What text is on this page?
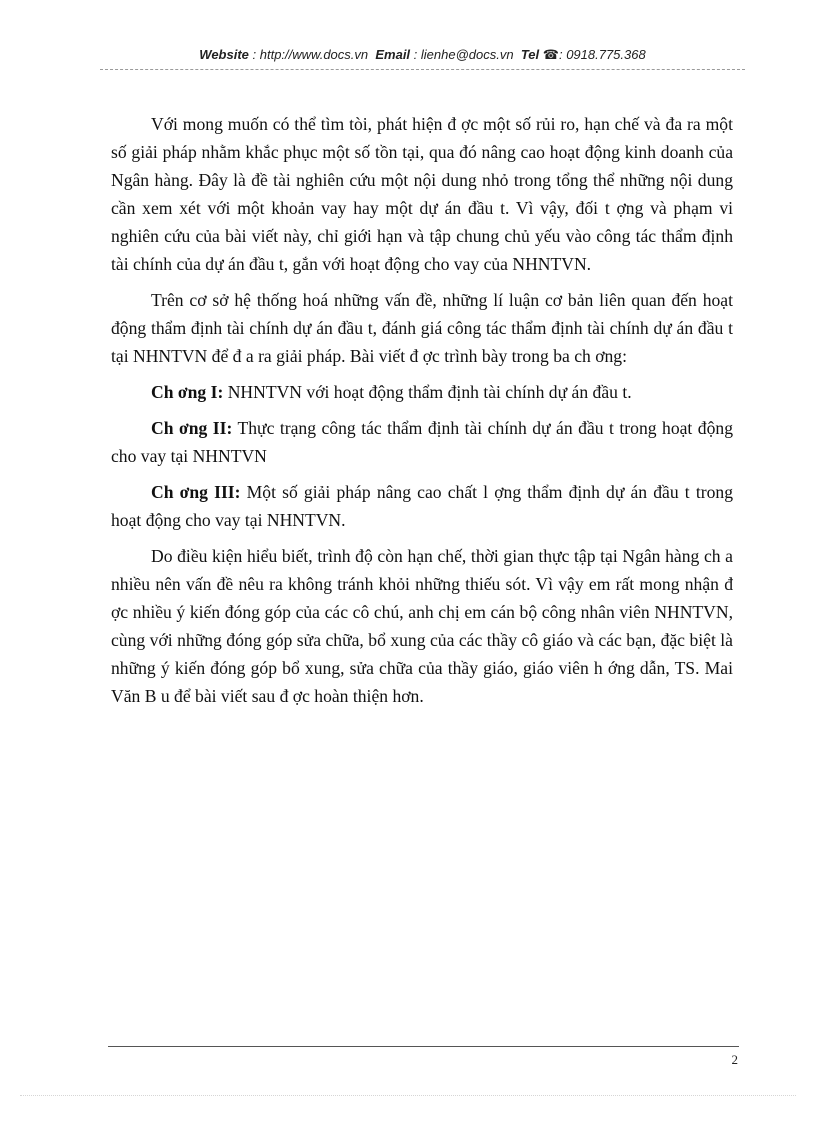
Website : http://www.docs.vn Email : lienhe@docs.vn Tel ☎: 0918.775.368

Với mong muốn có thể tìm tòi, phát hiện đ ợc một số rủi ro, hạn chế và đa ra một số giải pháp nhằm khắc phục một số tồn tại, qua đó nâng cao hoạt động kinh doanh của Ngân hàng. Đây là đề tài nghiên cứu một nội dung nhỏ trong tổng thể những nội dung cần xem xét với một khoản vay hay một dự án đầu t. Vì vậy, đối t ợng và phạm vi nghiên cứu của bài viết này, chỉ giới hạn và tập chung chủ yếu vào công tác thẩm định tài chính của dự án đầu t, gắn với hoạt động cho vay của NHNTVN.

Trên cơ sở hệ thống hoá những vấn đề, những lí luận cơ bản liên quan đến hoạt động thẩm định tài chính dự án đầu t, đánh giá công tác thẩm định tài chính dự án đầu t tại NHNTVN để đ a ra giải pháp. Bài viết đ ợc trình bày trong ba ch ơng:

Ch ơng I: NHNTVN với hoạt động thẩm định tài chính dự án đầu t.

Ch ơng II: Thực trạng công tác thẩm định tài chính dự án đầu t trong hoạt động cho vay tại NHNTVN

Ch ơng III: Một số giải pháp nâng cao chất l ợng thẩm định dự án đầu t trong hoạt động cho vay tại NHNTVN.

Do điều kiện hiểu biết, trình độ còn hạn chế, thời gian thực tập tại Ngân hàng ch a nhiều nên vấn đề nêu ra không tránh khỏi những thiếu sót. Vì vậy em rất mong nhận đ ợc nhiều ý kiến đóng góp của các cô chú, anh chị em cán bộ công nhân viên NHNTVN, cùng với những đóng góp sửa chữa, bổ xung của các thầy cô giáo và các bạn, đặc biệt là những ý kiến đóng góp bổ xung, sửa chữa của thầy giáo, giáo viên h ớng dẫn, TS. Mai Văn B u để bài viết sau đ ợc hoàn thiện hơn.

2
